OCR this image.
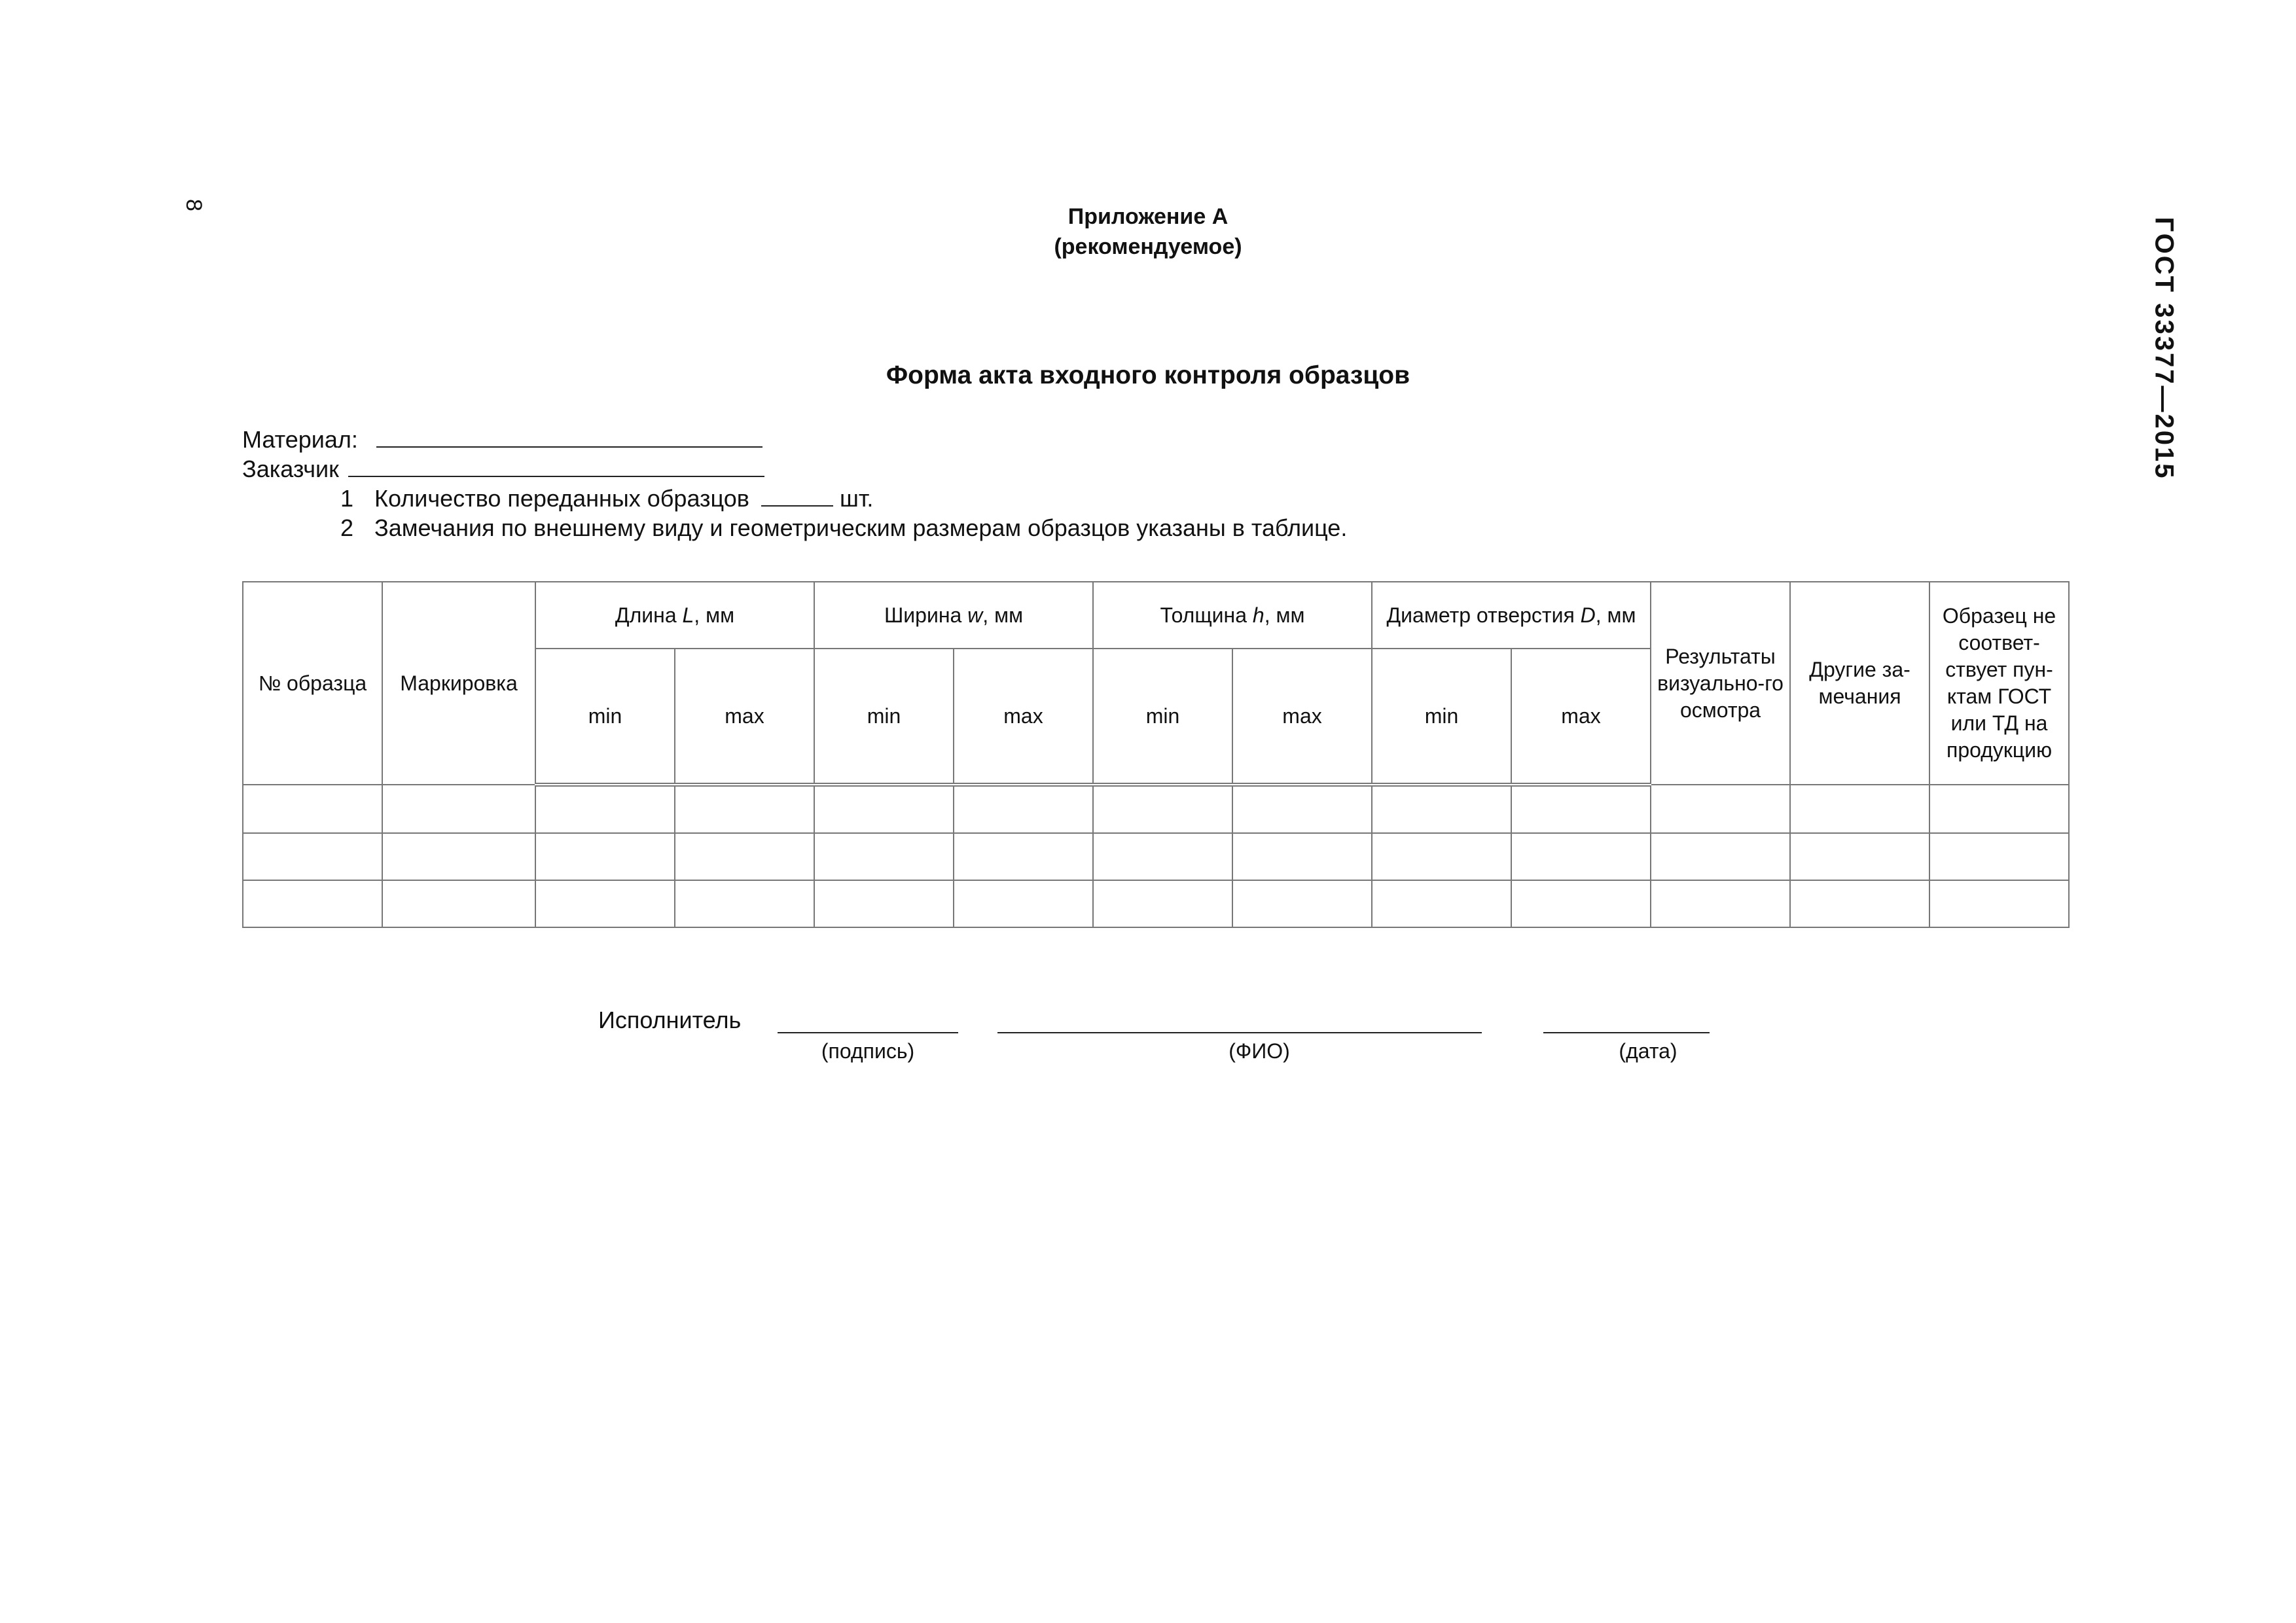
8
ГОСТ 33377—2015
Приложение А
(рекомендуемое)
Форма акта входного контроля образцов
Материал:
Заказчик
1 Количество переданных образцов	шт.
2 Замечания по внешнему виду и геометрическим размерам образцов указаны в таблице.
№ образца	Маркировка	Длина L, мм		Ширина w, мм		Толщина h, мм		Диаметр отверстия D, мм		Результаты визуально-го осмотра	Другие за-мечания	Образец не соответ-ствует пун-ктам ГОСТ или ТД на продукцию
		min	max	min	max	min	max	min	max			

Исполнитель
(подпись)	(ФИО)	(дата)
